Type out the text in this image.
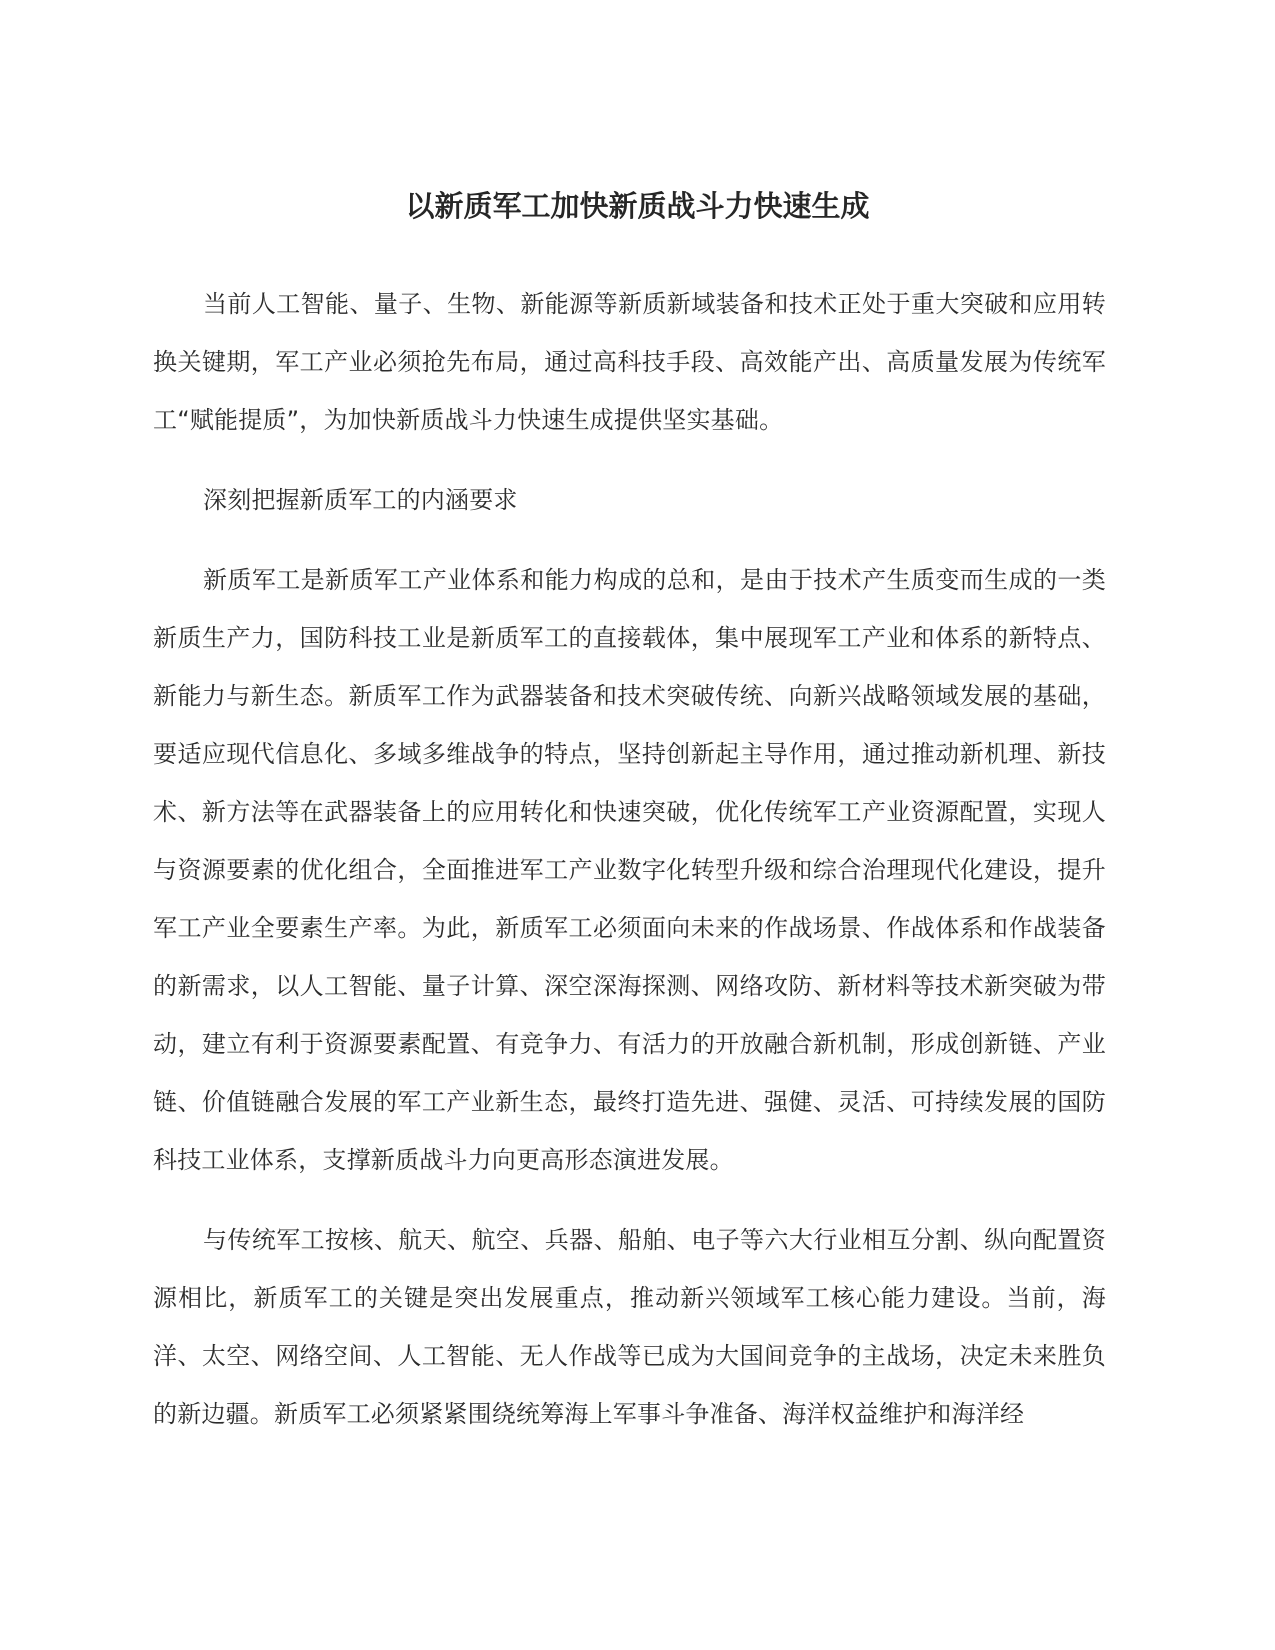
以新质军工加快新质战斗力快速生成

当前人工智能、量子、生物、新能源等新质新域装备和技术正处于重大突破和应用转换关键期，军工产业必须抢先布局，通过高科技手段、高效能产出、高质量发展为传统军工“赋能提质”，为加快新质战斗力快速生成提供坚实基础。

深刻把握新质军工的内涵要求

新质军工是新质军工产业体系和能力构成的总和，是由于技术产生质变而生成的一类新质生产力，国防科技工业是新质军工的直接载体，集中展现军工产业和体系的新特点、新能力与新生态。新质军工作为武器装备和技术突破传统、向新兴战略领域发展的基础，要适应现代信息化、多域多维战争的特点，坚持创新起主导作用，通过推动新机理、新技术、新方法等在武器装备上的应用转化和快速突破，优化传统军工产业资源配置，实现人与资源要素的优化组合，全面推进军工产业数字化转型升级和综合治理现代化建设，提升军工产业全要素生产率。为此，新质军工必须面向未来的作战场景、作战体系和作战装备的新需求，以人工智能、量子计算、深空深海探测、网络攻防、新材料等技术新突破为带动，建立有利于资源要素配置、有竞争力、有活力的开放融合新机制，形成创新链、产业链、价值链融合发展的军工产业新生态，最终打造先进、强健、灵活、可持续发展的国防科技工业体系，支撑新质战斗力向更高形态演进发展。

与传统军工按核、航天、航空、兵器、船舶、电子等六大行业相互分割、纵向配置资源相比，新质军工的关键是突出发展重点，推动新兴领域军工核心能力建设。当前，海洋、太空、网络空间、人工智能、无人作战等已成为大国间竞争的主战场，决定未来胜负的新边疆。新质军工必须紧紧围绕统筹海上军事斗争准备、海洋权益维护和海洋经
